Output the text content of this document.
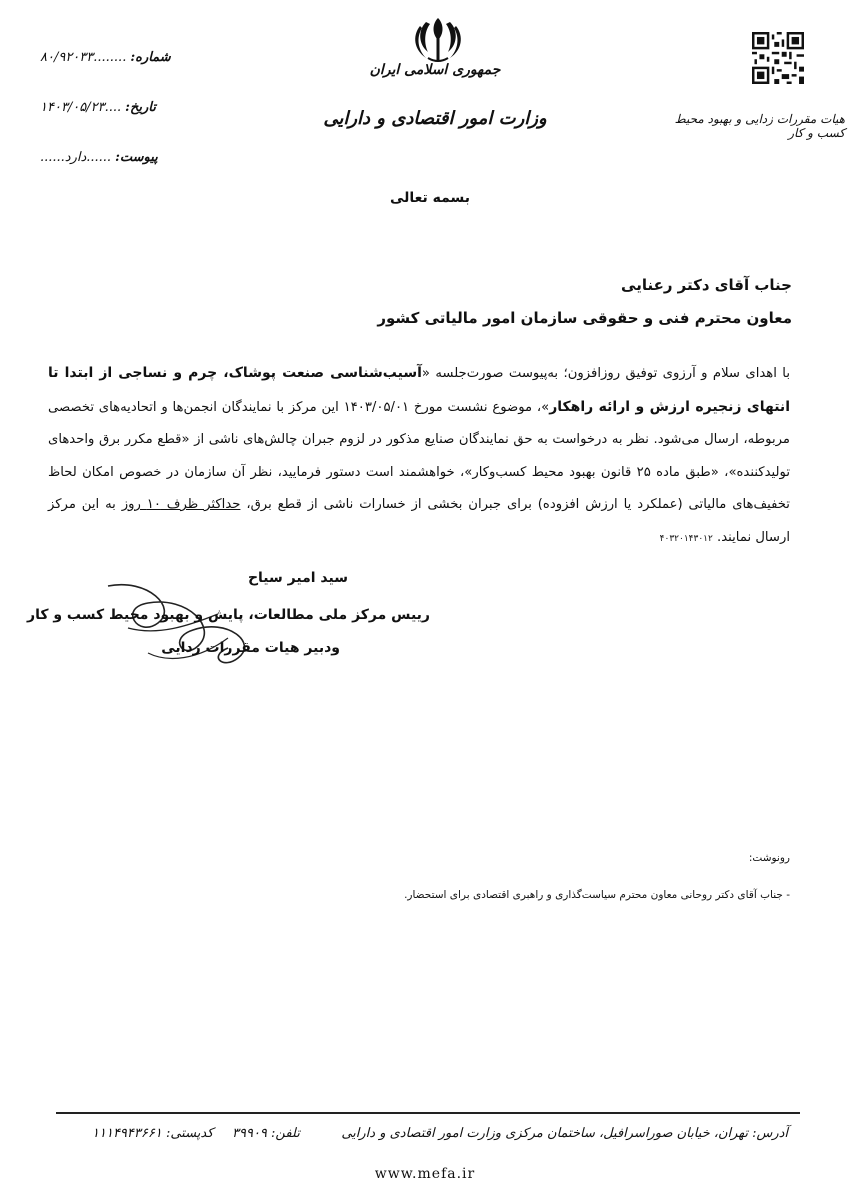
شماره:
........۸۰/۹۲۰۳۳
تاریخ:
....۱۴۰۳/۰۵/۲۳
پیوست:
......دارد......
جمهوری اسلامی ایران
وزارت امور اقتصادی و دارایی	هیات مقررات زدایی و بهبود محیط کسب و کار
بسمه تعالی
جناب آقای دکتر رعنایی
معاون محترم فنی و حقوقی سازمان امور مالیاتی کشور
با اهدای سلام و آرزوی توفیق روزافزون؛ به‌پیوست صورت‌جلسه «آسیب‌شناسی صنعت پوشاک، چرم و نساجی از ابتدا تا انتهای زنجیره ارزش و ارائه راهکار»، موضوع نشست مورخ ۱۴۰۳/۰۵/۰۱ این مرکز با نمایندگان انجمن‌ها و اتحادیه‌های تخصصی مربوطه، ارسال می‌شود. نظر به درخواست به حق نمایندگان صنایع مذکور در لزوم جبران چالش‌های ناشی از «قطع مکرر برق واحدهای تولیدکننده»، «طبق ماده ۲۵ قانون بهبود محیط کسب‌وکار»، خواهشمند است دستور فرمایید، نظر آن سازمان در خصوص امکان لحاظ تخفیف‌های مالیاتی (عملکرد یا ارزش افزوده) برای جبران بخشی از خسارات ناشی از قطع برق، حداکثر ظرف ۱۰ روز به این مرکز ارسال نمایند. ۴۰۳۲۰۱۴۳۰۱۲
سید امیر سیاح
رییس مرکز ملی مطالعات، پایش و بهبود محیط کسب و کار
ودبیر هیات مقررات زدایی
رونوشت:
- جناب آقای دکتر روحانی معاون محترم سیاست‌گذاری و راهبری اقتصادی برای استحضار.
آدرس: تهران، خیابان صوراسرافیل، ساختمان مرکزی وزارت امور اقتصادی و دارایی
تلفن: ۳۹۹۰۹
کدپستی: ۱۱۱۴۹۴۳۶۶۱
www.mefa.ir
